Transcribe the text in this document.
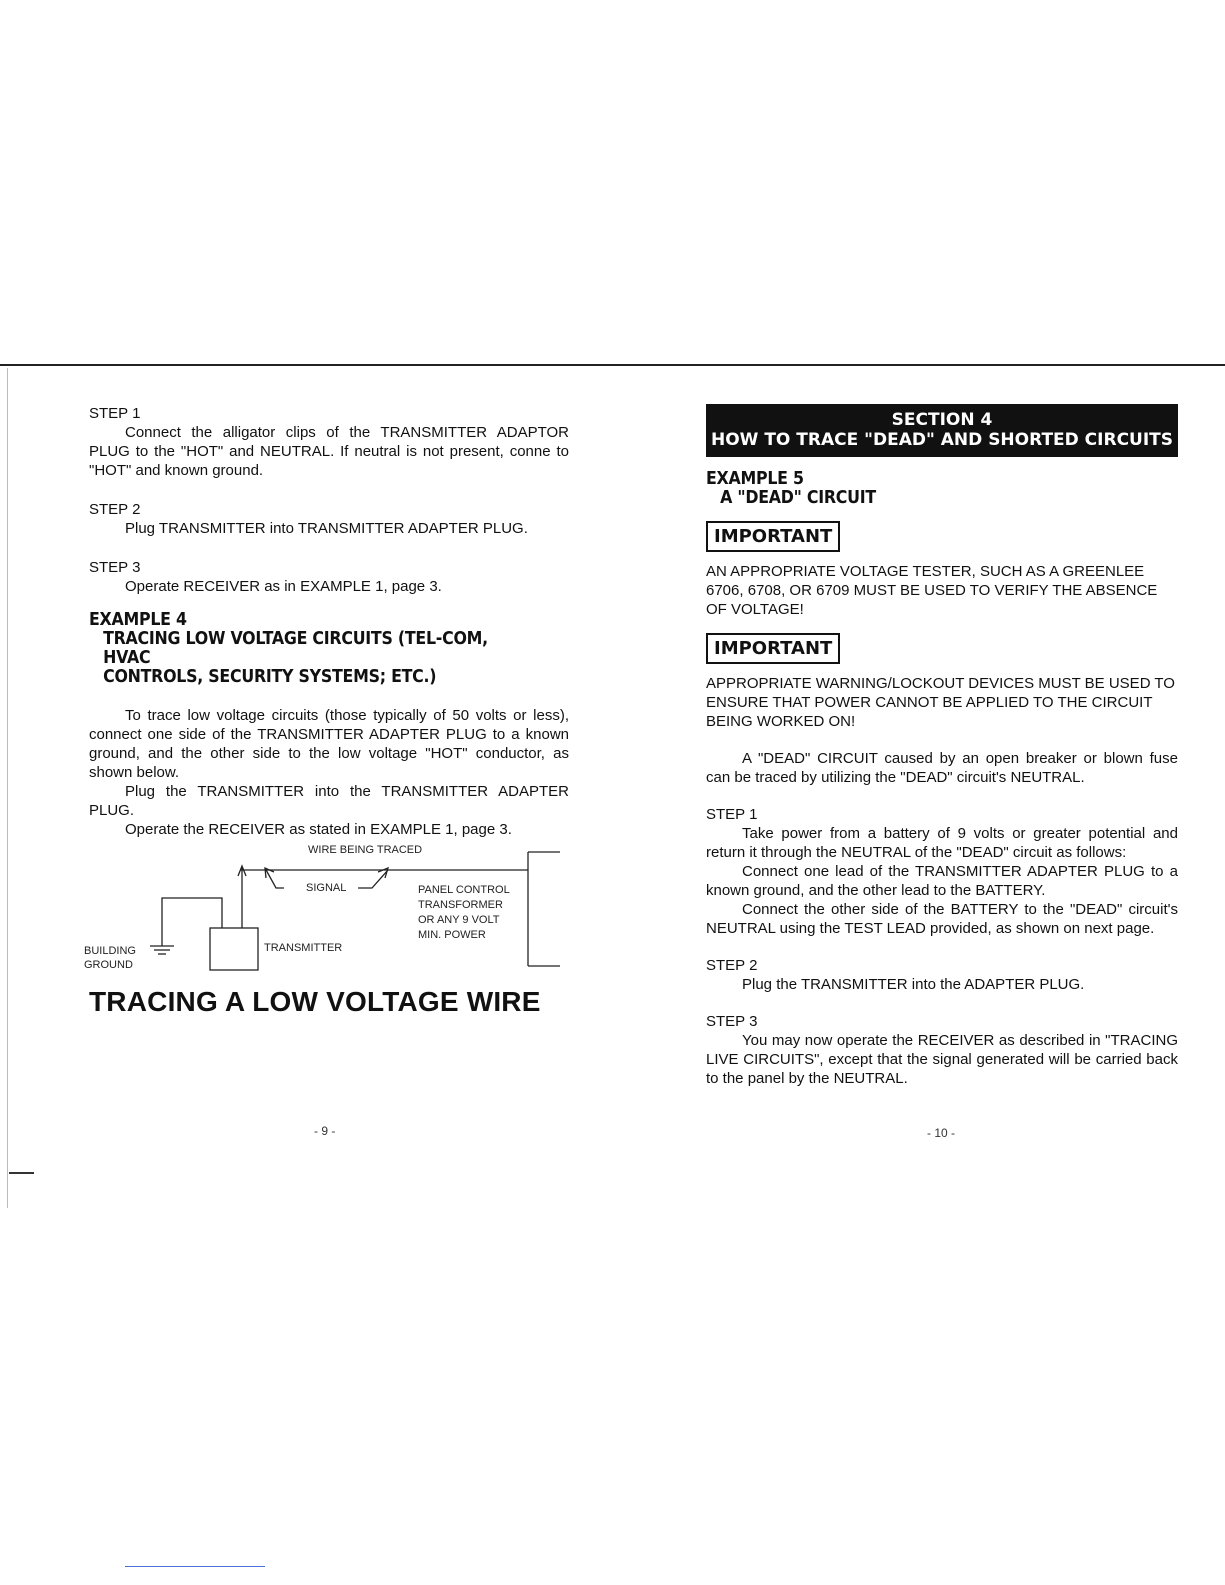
STEP 1

Connect the alligator clips of the TRANSMITTER ADAPTOR PLUG to the "HOT" and NEUTRAL. If neutral is not present, conne to "HOT" and known ground.

STEP 2

Plug TRANSMITTER into TRANSMITTER ADAPTER PLUG.

STEP 3

Operate RECEIVER as in EXAMPLE 1, page 3.

EXAMPLE 4
TRACING LOW VOLTAGE CIRCUITS (TEL-COM, HVAC
CONTROLS, SECURITY SYSTEMS; ETC.)

To trace low voltage circuits (those typically of 50 volts or less), connect one side of the TRANSMITTER ADAPTER PLUG to a known ground, and the other side to the low voltage "HOT" conductor, as shown below.

Plug the TRANSMITTER into the TRANSMITTER ADAPTER PLUG.

Operate the RECEIVER as stated in EXAMPLE 1, page 3.

WIRE BEING TRACED
SIGNAL	PANEL CONTROL
TRANSFORMER
OR ANY 9 VOLT
MIN. POWER
TRANSMITTER
BUILDING
GROUND
TRACING A LOW VOLTAGE WIRE
- 9 -
SECTION 4
HOW TO TRACE "DEAD" AND SHORTED CIRCUITS
EXAMPLE 5
A "DEAD" CIRCUIT
IMPORTANT

AN APPROPRIATE VOLTAGE TESTER, SUCH AS A GREENLEE 6706, 6708, OR 6709 MUST BE USED TO VERIFY THE ABSENCE OF VOLTAGE!

IMPORTANT

APPROPRIATE WARNING/LOCKOUT DEVICES MUST BE USED TO ENSURE THAT POWER CANNOT BE APPLIED TO THE CIRCUIT BEING WORKED ON!

A "DEAD" CIRCUIT caused by an open breaker or blown fuse can be traced by utilizing the "DEAD" circuit's NEUTRAL.

STEP 1

Take power from a battery of 9 volts or greater potential and return it through the NEUTRAL of the "DEAD" circuit as follows:

Connect one lead of the TRANSMITTER ADAPTER PLUG to a known ground, and the other lead to the BATTERY.

Connect the other side of the BATTERY to the "DEAD" circuit's NEUTRAL using the TEST LEAD provided, as shown on next page.

STEP 2

Plug the TRANSMITTER into the ADAPTER PLUG.

STEP 3

You may now operate the RECEIVER as described in "TRACING LIVE CIRCUITS", except that the signal generated will be carried back to the panel by the NEUTRAL.

- 10 -
